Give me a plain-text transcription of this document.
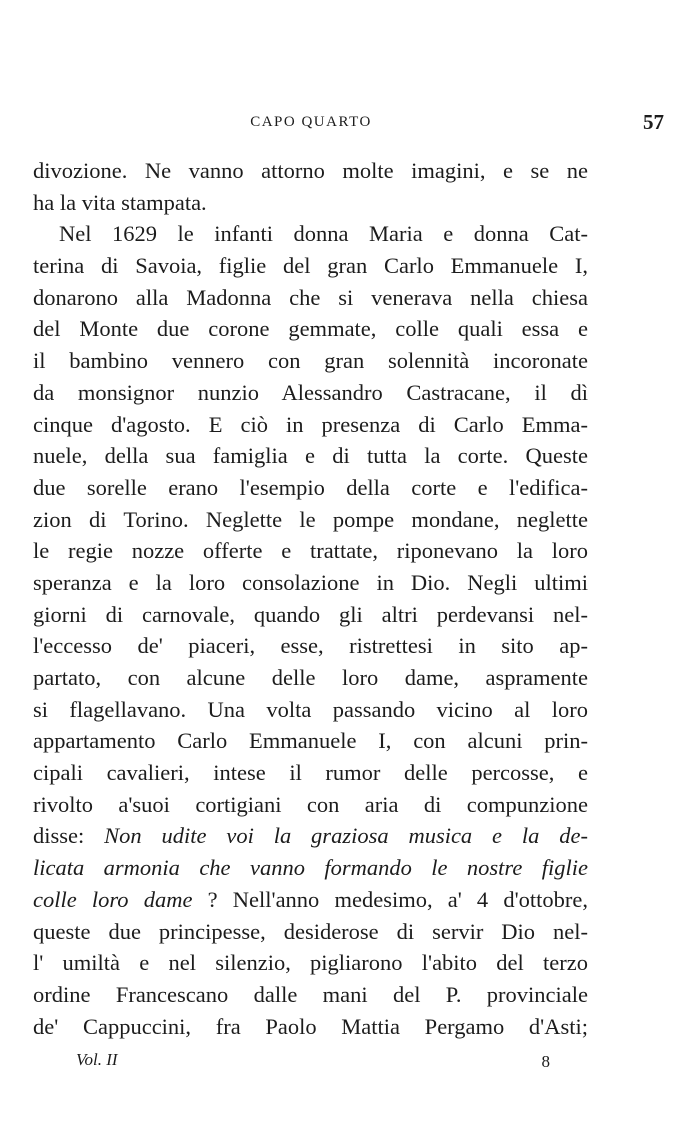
CAPO QUARTO	57
divozione. Ne vanno attorno molte imagini, e se ne
ha la vita stampata.
Nel 1629 le infanti donna Maria e donna Cat-
terina di Savoia, figlie del gran Carlo Emmanuele I,
donarono alla Madonna che si venerava nella chiesa
del Monte due corone gemmate, colle quali essa e
il bambino vennero con gran solennità incoronate
da monsignor nunzio Alessandro Castracane, il dì
cinque d'agosto. E ciò in presenza di Carlo Emma-
nuele, della sua famiglia e di tutta la corte. Queste
due sorelle erano l'esempio della corte e l'edifica-
zion di Torino. Neglette le pompe mondane, neglette
le regie nozze offerte e trattate, riponevano la loro
speranza e la loro consolazione in Dio. Negli ultimi
giorni di carnovale, quando gli altri perdevansi nel-
l'eccesso de' piaceri, esse, ristrettesi in sito ap-
partato, con alcune delle loro dame, aspramente
si flagellavano. Una volta passando vicino al loro
appartamento Carlo Emmanuele I, con alcuni prin-
cipali cavalieri, intese il rumor delle percosse, e
rivolto a'suoi cortigiani con aria di compunzione
disse: Non udite voi la graziosa musica e la de-
licata armonia che vanno formando le nostre figlie
colle loro dame ? Nell'anno medesimo, a' 4 d'ottobre,
queste due principesse, desiderose di servir Dio nel-
l' umiltà e nel silenzio, pigliarono l'abito del terzo
ordine Francescano dalle mani del P. provinciale
de' Cappuccini, fra Paolo Mattia Pergamo d'Asti;
Vol. II	8
